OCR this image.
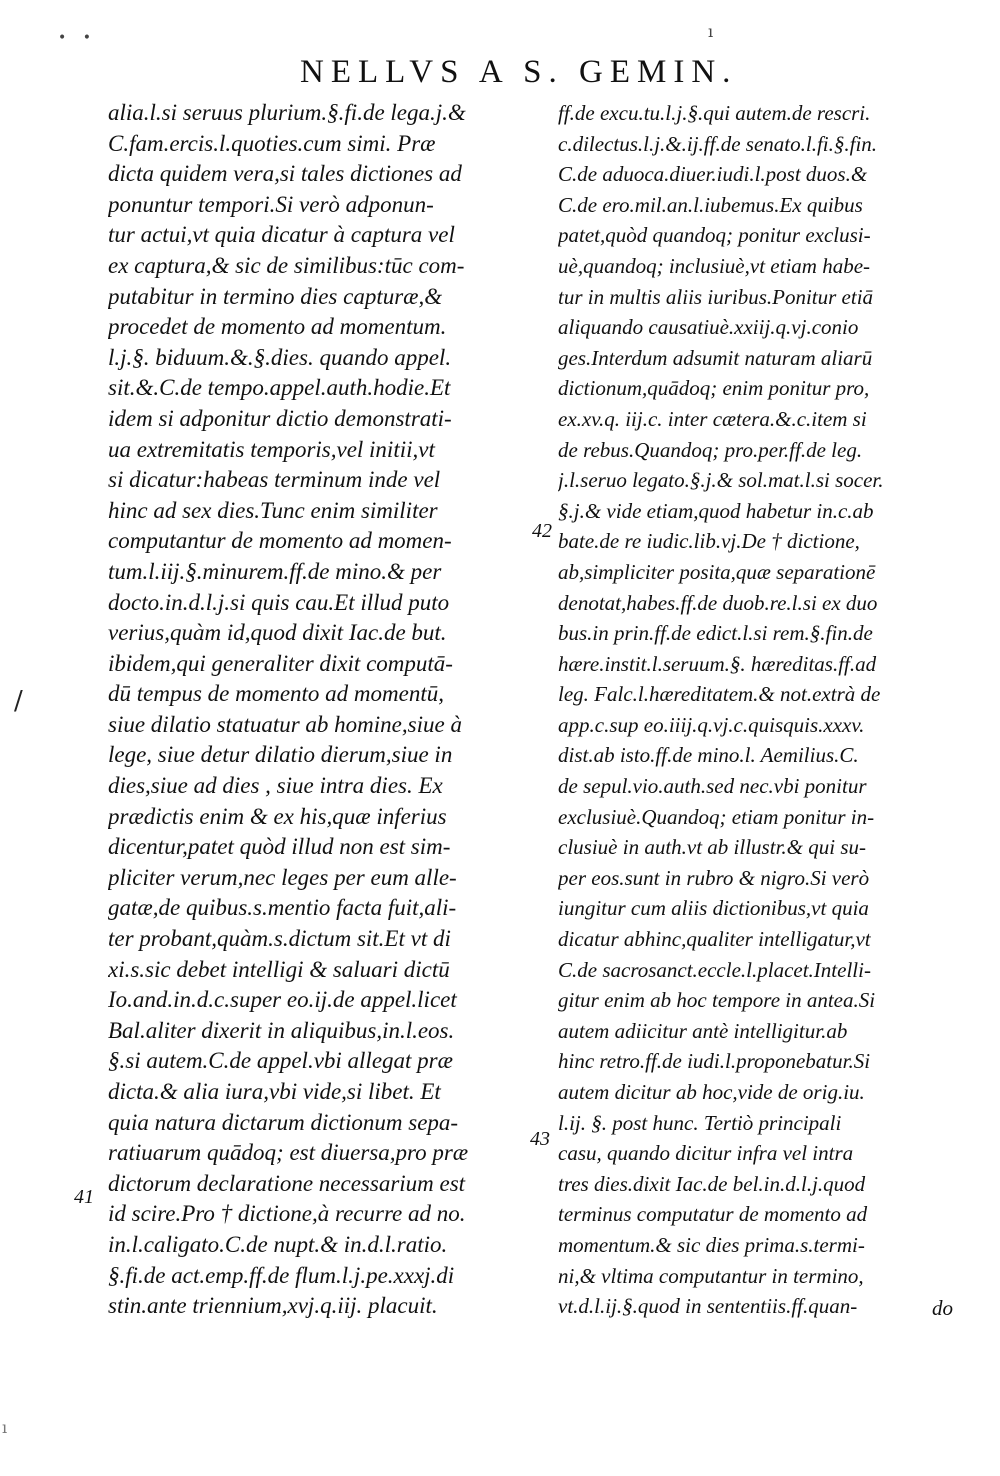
• •	ı
ı
NELLVS A S. GEMIN.
alia.l.si seruus plurium.§.fi.de lega.j.&
C.fam.ercis.l.quoties.cum simi. Præ
dicta quidem vera,si tales dictiones ad
ponuntur tempori.Si verò adponun-
tur actui,vt quia dicatur à captura vel
ex captura,& sic de similibus:tūc com-
putabitur in termino dies capturæ,&
procedet de momento ad momentum.
l.j.§. biduum.&.§.dies. quando appel.
sit.&.C.de tempo.appel.auth.hodie.Et
idem si adponitur dictio demonstrati-
ua extremitatis temporis,vel initii,vt
si dicatur:habeas terminum inde vel
hinc ad sex dies.Tunc enim similiter
computantur de momento ad momen-
tum.l.iij.§.minurem.ff.de mino.& per
docto.in.d.l.j.si quis cau.Et illud puto
verius,quàm id,quod dixit Iac.de but.
ibidem,qui generaliter dixit computā-
dū tempus de momento ad momentū,
siue dilatio statuatur ab homine,siue à
lege, siue detur dilatio dierum,siue in
dies,siue ad dies , siue intra dies. Ex
prædictis enim & ex his,quæ inferius
dicentur,patet quòd illud non est sim-
pliciter verum,nec leges per eum alle-
gatæ,de quibus.s.mentio facta fuit,ali-
ter probant,quàm.s.dictum sit.Et vt di
xi.s.sic debet intelligi & saluari dictū
Io.and.in.d.c.super eo.ij.de appel.licet
Bal.aliter dixerit in aliquibus,in.l.eos.
§.si autem.C.de appel.vbi allegat præ
dicta.& alia iura,vbi vide,si libet. Et
quia natura dictarum dictionum sepa-
ratiuarum quādoq; est diuersa,pro præ
dictorum declaratione necessarium est
id scire.Pro † dictione,à recurre ad no.
in.l.caligato.C.de nupt.& in.d.l.ratio.
§.fi.de act.emp.ff.de flum.l.j.pe.xxxj.di
stin.ante triennium,xvj.q.iij. placuit.
ff.de excu.tu.l.j.§.qui autem.de rescri.
c.dilectus.l.j.&.ij.ff.de senato.l.fi.§.fin.
C.de aduoca.diuer.iudi.l.post duos.&
C.de ero.mil.an.l.iubemus.Ex quibus
patet,quòd quandoq; ponitur exclusi-
uè,quandoq; inclusiuè,vt etiam habe-
tur in multis aliis iuribus.Ponitur etiā
aliquando causatiuè.xxiij.q.vj.conio
ges.Interdum adsumit naturam aliarū
dictionum,quādoq; enim ponitur pro,
ex.xv.q. iij.c. inter cætera.&.c.item si
de rebus.Quandoq; pro.per.ff.de leg.
j.l.seruo legato.§.j.& sol.mat.l.si socer.
§.j.& vide etiam,quod habetur in.c.ab
bate.de re iudic.lib.vj.De † dictione,
ab,simpliciter posita,quæ separationē
denotat,habes.ff.de duob.re.l.si ex duo
bus.in prin.ff.de edict.l.si rem.§.fin.de
hære.instit.l.seruum.§. hæreditas.ff.ad
leg. Falc.l.hæreditatem.& not.extrà de
app.c.sup eo.iiij.q.vj.c.quisquis.xxxv.
dist.ab isto.ff.de mino.l. Aemilius.C.
de sepul.vio.auth.sed nec.vbi ponitur
exclusiuè.Quandoq; etiam ponitur in-
clusiuè in auth.vt ab illustr.& qui su-
per eos.sunt in rubro & nigro.Si verò
iungitur cum aliis dictionibus,vt quia
dicatur abhinc,qualiter intelligatur,vt
C.de sacrosanct.eccle.l.placet.Intelli-
gitur enim ab hoc tempore in antea.Si
autem adiicitur antè intelligitur.ab
hinc retro.ff.de iudi.l.proponebatur.Si
autem dicitur ab hoc,vide de orig.iu.
l.ij. §. post hunc. Tertiò principali
casu, quando dicitur infra vel intra
tres dies.dixit Iac.de bel.in.d.l.j.quod
terminus computatur de momento ad
momentum.& sic dies prima.s.termi-
ni,& vltima computantur in termino,
vt.d.l.ij.§.quod in sententiis.ff.quan-
42
43
41
/
do
